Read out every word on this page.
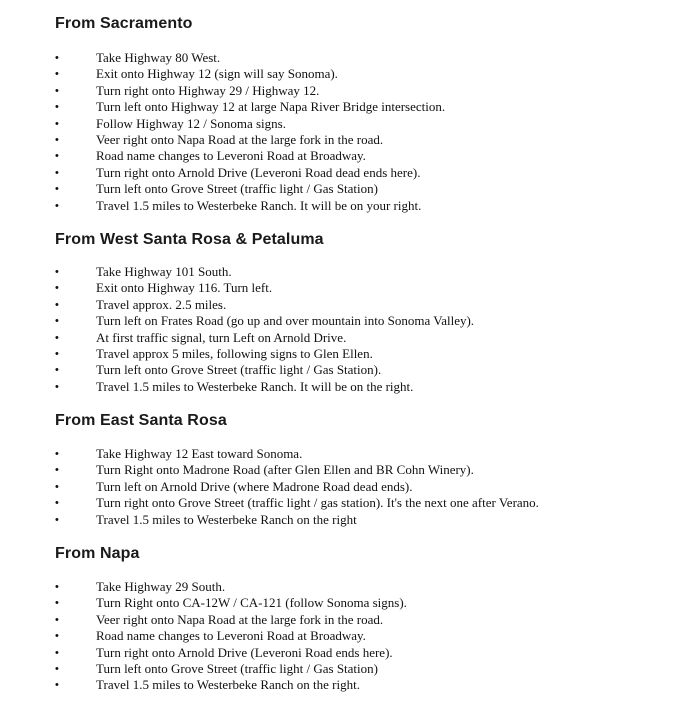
From Sacramento
•	Take Highway 80 West.
•	Exit onto Highway 12 (sign will say Sonoma).
•	Turn right onto Highway 29 / Highway 12.
•	Turn left onto Highway 12 at large Napa River Bridge intersection.
•	Follow Highway 12 / Sonoma signs.
•	Veer right onto Napa Road at the large fork in the road.
•	Road name changes to Leveroni Road at Broadway.
•	Turn right onto Arnold Drive (Leveroni Road dead ends here).
•	Turn left onto Grove Street (traffic light / Gas Station)
•	Travel 1.5 miles to Westerbeke Ranch. It will be on your right.
From West Santa Rosa & Petaluma
•	Take Highway 101 South.
•	Exit onto Highway 116. Turn left.
•	Travel approx. 2.5 miles.
•	Turn left on Frates Road (go up and over mountain into Sonoma Valley).
•	At first traffic signal, turn Left on Arnold Drive.
•	Travel approx 5 miles, following signs to Glen Ellen.
•	Turn left onto Grove Street (traffic light / Gas Station).
•	Travel 1.5 miles to Westerbeke Ranch. It will be on the right.
From East Santa Rosa
•	Take Highway 12 East toward Sonoma.
•	Turn Right onto Madrone Road (after Glen Ellen and BR Cohn Winery).
•	Turn left on Arnold Drive (where Madrone Road dead ends).
•	Turn right onto Grove Street (traffic light / gas station). It's the next one after Verano.
•	Travel 1.5 miles to Westerbeke Ranch on the right
From Napa
•	Take Highway 29 South.
•	Turn Right onto CA-12W / CA-121 (follow Sonoma signs).
•	Veer right onto Napa Road at the large fork in the road.
•	Road name changes to Leveroni Road at Broadway.
•	Turn right onto Arnold Drive (Leveroni Road ends here).
•	Turn left onto Grove Street (traffic light / Gas Station)
•	Travel 1.5 miles to Westerbeke Ranch on the right.
